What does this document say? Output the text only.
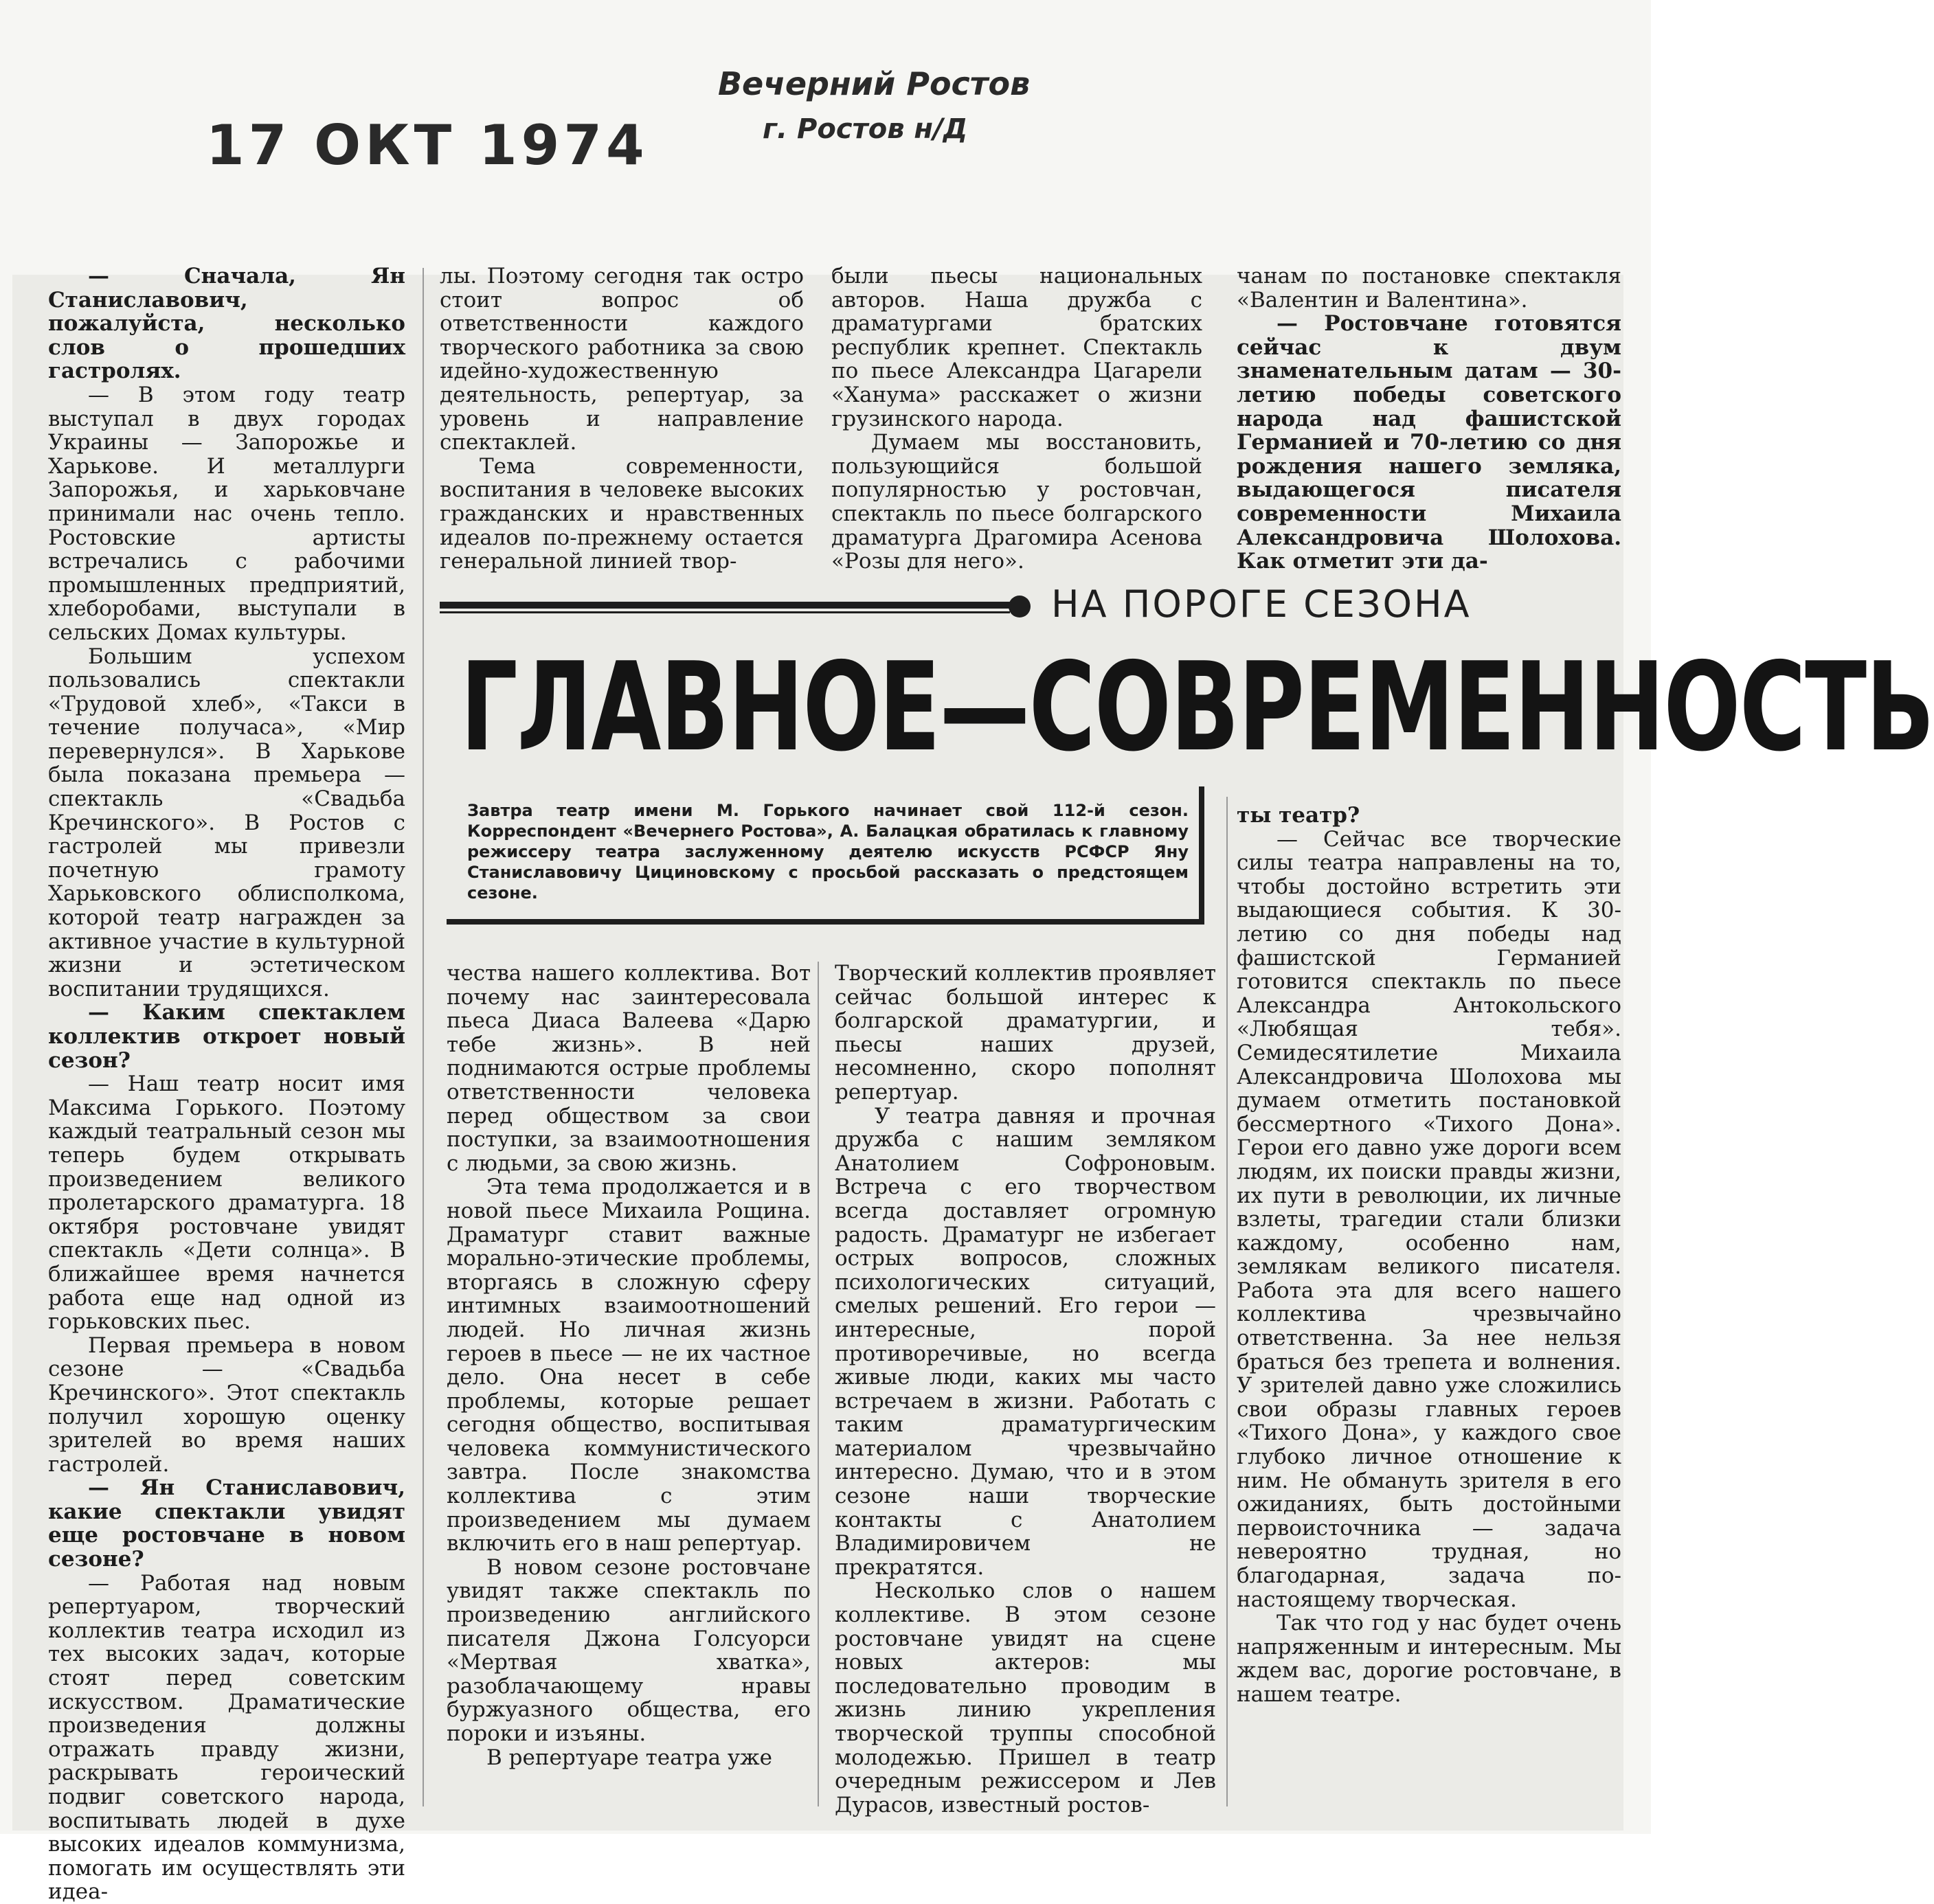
17 ОКТ 1974
Вечерний Ростов
г. Ростов н/Д

— Сначала, Ян Станиславович, пожалуйста, несколько слов о прошедших гастролях.

— В этом году театр выступал в двух городах Украины — Запорожье и Харькове. И металлурги Запорожья, и харьковчане принимали нас очень тепло. Ростовские артисты встречались с рабочими промышленных предприятий, хлеборобами, выступали в сельских Домах культуры.

Большим успехом пользовались спектакли «Трудовой хлеб», «Такси в течение получаса», «Мир перевернулся». В Харькове была показана премьера — спектакль «Свадьба Кречинского». В Ростов с гастролей мы привезли почетную грамоту Харьковского облисполкома, которой театр награжден за активное участие в культурной жизни и эстетическом воспитании трудящихся.

— Каким спектаклем коллектив откроет новый сезон?

— Наш театр носит имя Максима Горького. Поэтому каждый театральный сезон мы теперь будем открывать произведением великого пролетарского драматурга. 18 октября ростовчане увидят спектакль «Дети солнца». В ближайшее время начнется работа еще над одной из горьковских пьес.

Первая премьера в новом сезоне — «Свадьба Кречинского». Этот спектакль получил хорошую оценку зрителей во время наших гастролей.

— Ян Станиславович, какие спектакли увидят еще ростовчане в новом сезоне?

— Работая над новым репертуаром, творческий коллектив театра исходил из тех высоких задач, которые стоят перед советским искусством. Драматические произведения должны отражать правду жизни, раскрывать героический подвиг советского народа, воспитывать людей в духе высоких идеалов коммунизма, помогать им осуществлять эти идеа-

лы. Поэтому сегодня так остро стоит вопрос об ответственности каждого творческого работника за свою идейно-художественную деятельность, репертуар, за уровень и направление спектаклей.

Тема современности, воспитания в человеке высоких гражданских и нравственных идеалов по-прежнему остается генеральной линией твор-

были пьесы национальных авторов. Наша дружба с драматургами братских республик крепнет. Спектакль по пьесе Александра Цагарели «Ханума» расскажет о жизни грузинского народа.

Думаем мы восстановить, пользующийся большой популярностью у ростовчан, спектакль по пьесе болгарского драматурга Драгомира Асенова «Розы для него».

чанам по постановке спектакля «Валентин и Валентина».

— Ростовчане готовятся сейчас к двум знаменательным датам — 30-летию победы советского народа над фашистской Германией и 70-летию со дня рождения нашего земляка, выдающегося писателя современности Михаила Александровича Шолохова. Как отметит эти да-

НА ПОРОГЕ СЕЗОНА
ГЛАВНОЕ—СОВРЕМЕННОСТЬ
Завтра театр имени М. Горького начинает свой 112-й сезон. Корреспондент «Вечернего Ростова», А. Балацкая обратилась к главному режиссеру театра заслуженному деятелю искусств РСФСР Яну Станиславовичу Цициновскому с просьбой рассказать о предстоящем сезоне.

чества нашего коллектива. Вот почему нас заинтересовала пьеса Диаса Валеева «Дарю тебе жизнь». В ней поднимаются острые проблемы ответственности человека перед обществом за свои поступки, за взаимоотношения с людьми, за свою жизнь.

Эта тема продолжается и в новой пьесе Михаила Рощина. Драматург ставит важные морально-этические проблемы, вторгаясь в сложную сферу интимных взаимоотношений людей. Но личная жизнь героев в пьесе — не их частное дело. Она несет в себе проблемы, которые решает сегодня общество, воспитывая человека коммунистического завтра. После знакомства коллектива с этим произведением мы думаем включить его в наш репертуар.

В новом сезоне ростовчане увидят также спектакль по произведению английского писателя Джона Голсуорси «Мертвая хватка», разоблачающему нравы буржуазного общества, его пороки и изъяны.

В репертуаре театра уже

Творческий коллектив проявляет сейчас большой интерес к болгарской драматургии, и пьесы наших друзей, несомненно, скоро пополнят репертуар.

У театра давняя и прочная дружба с нашим земляком Анатолием Софроновым. Встреча с его творчеством всегда доставляет огромную радость. Драматург не избегает острых вопросов, сложных психологических ситуаций, смелых решений. Его герои — интересные, порой противоречивые, но всегда живые люди, каких мы часто встречаем в жизни. Работать с таким драматургическим материалом чрезвычайно интересно. Думаю, что и в этом сезоне наши творческие контакты с Анатолием Владимировичем не прекратятся.

Несколько слов о нашем коллективе. В этом сезоне ростовчане увидят на сцене новых актеров: мы последовательно проводим в жизнь линию укрепления творческой труппы способной молодежью. Пришел в театр очередным режиссером и Лев Дурасов, известный ростов-

ты театр?

— Сейчас все творческие силы театра направлены на то, чтобы достойно встретить эти выдающиеся события. К 30-летию со дня победы над фашистской Германией готовится спектакль по пьесе Александра Антокольского «Любящая тебя». Семидесятилетие Михаила Александровича Шолохова мы думаем отметить постановкой бессмертного «Тихого Дона». Герои его давно уже дороги всем людям, их поиски правды жизни, их пути в революции, их личные взлеты, трагедии стали близки каждому, особенно нам, землякам великого писателя. Работа эта для всего нашего коллектива чрезвычайно ответственна. За нее нельзя браться без трепета и волнения. У зрителей давно уже сложились свои образы главных героев «Тихого Дона», у каждого свое глубоко личное отношение к ним. Не обмануть зрителя в его ожиданиях, быть достойными первоисточника — задача невероятно трудная, но благодарная, задача по-настоящему творческая.

Так что год у нас будет очень напряженным и интересным. Мы ждем вас, дорогие ростовчане, в нашем театре.
